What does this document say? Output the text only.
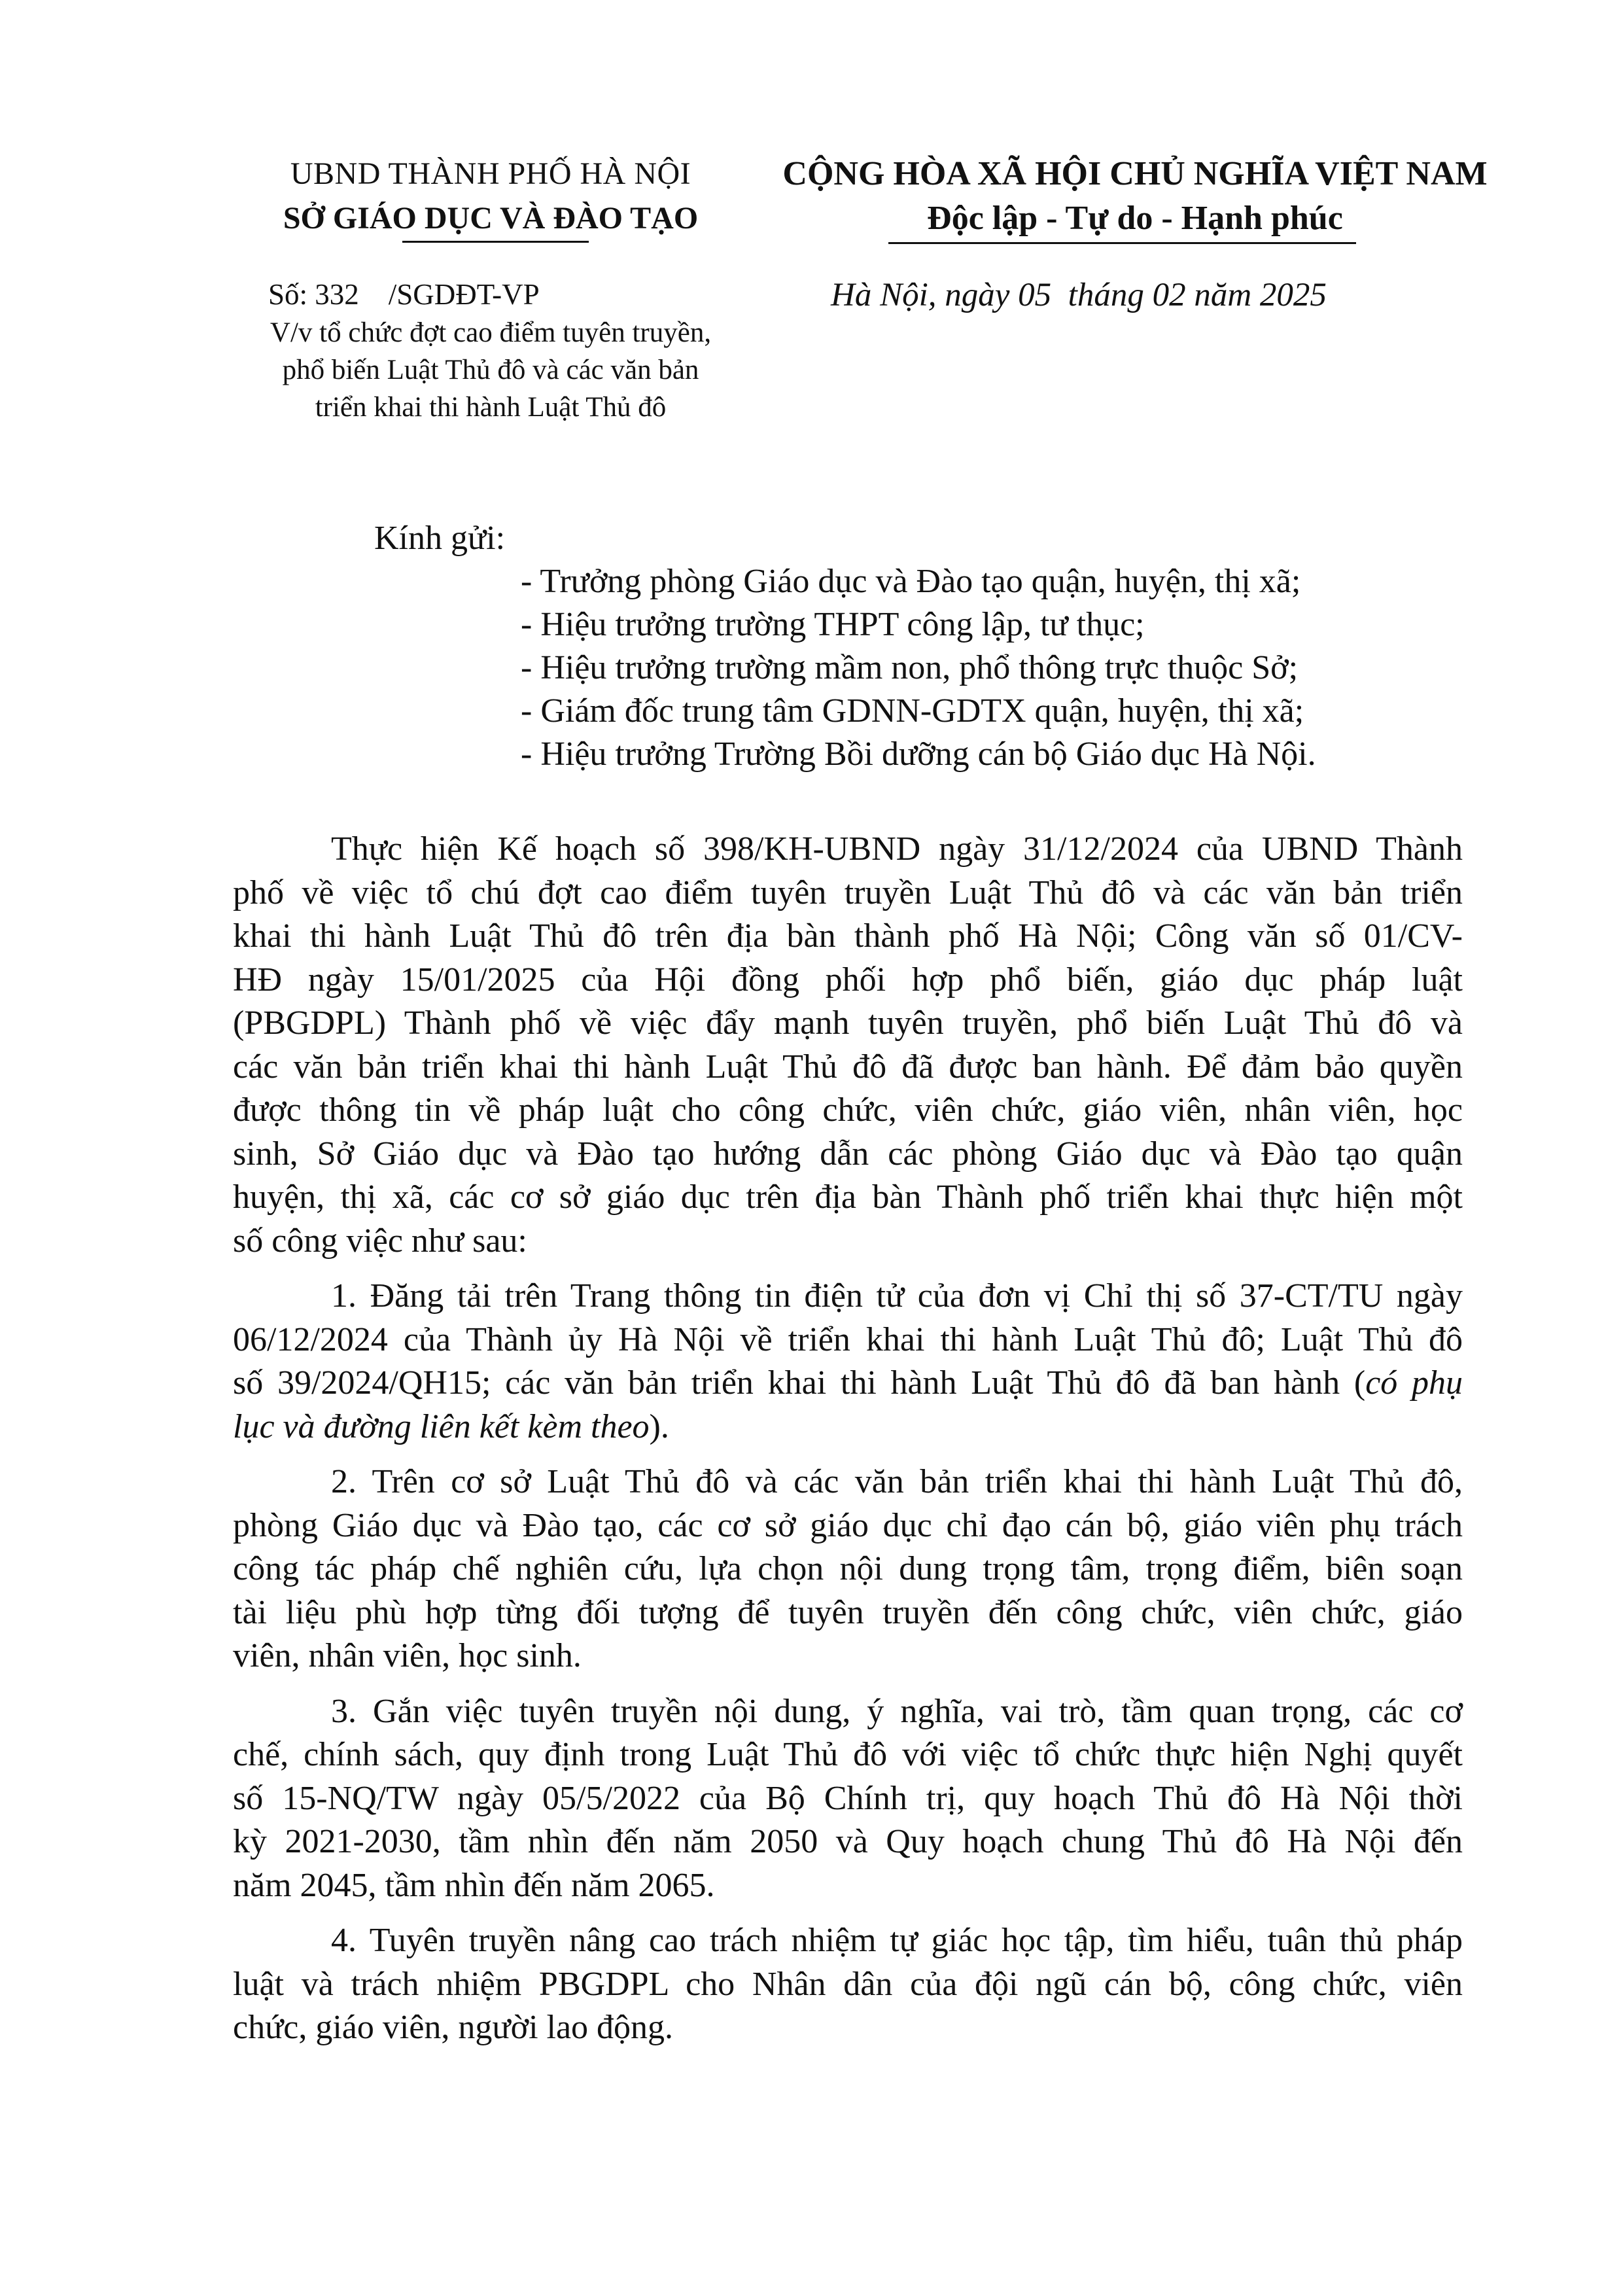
UBND THÀNH PHỐ HÀ NỘI
SỞ GIÁO DỤC VÀ ĐÀO TẠO
Số: 332    /SGDĐT-VP
V/v tổ chức đợt cao điểm tuyên truyền,
phổ biến Luật Thủ đô và các văn bản
triển khai thi hành Luật Thủ đô
CỘNG HÒA XÃ HỘI CHỦ NGHĨA VIỆT NAM
Độc lập - Tự do - Hạnh phúc
Hà Nội, ngày 05  tháng 02 năm 2025
Kính gửi:
- Trưởng phòng Giáo dục và Đào tạo quận, huyện, thị xã;
- Hiệu trưởng trường THPT công lập, tư thục;
- Hiệu trưởng trường mầm non, phổ thông trực thuộc Sở;
- Giám đốc trung tâm GDNN-GDTX quận, huyện, thị xã;
- Hiệu trưởng Trường Bồi dưỡng cán bộ Giáo dục Hà Nội.
Thực hiện Kế hoạch số 398/KH-UBND ngày 31/12/2024 của UBND Thành
phố về việc tổ chú đợt cao điểm tuyên truyền Luật Thủ đô và các văn bản triển
khai thi hành Luật Thủ đô trên địa bàn thành phố Hà Nội; Công văn số 01/CV-
HĐ ngày 15/01/2025 của Hội đồng phối hợp phổ biến, giáo dục pháp luật
(PBGDPL) Thành phố về việc đẩy mạnh tuyên truyền, phổ biến Luật Thủ đô và
các văn bản triển khai thi hành Luật Thủ đô đã được ban hành. Để đảm bảo quyền
được thông tin về pháp luật cho công chức, viên chức, giáo viên, nhân viên, học
sinh, Sở Giáo dục và Đào tạo hướng dẫn các phòng Giáo dục và Đào tạo quận
huyện, thị xã, các cơ sở giáo dục trên địa bàn Thành phố triển khai thực hiện một
số công việc như sau:
1. Đăng tải trên Trang thông tin điện tử của đơn vị Chỉ thị số 37-CT/TU ngày
06/12/2024 của Thành ủy Hà Nội về triển khai thi hành Luật Thủ đô; Luật Thủ đô
số 39/2024/QH15; các văn bản triển khai thi hành Luật Thủ đô đã ban hành (có phụ
lục và đường liên kết kèm theo).
2. Trên cơ sở Luật Thủ đô và các văn bản triển khai thi hành Luật Thủ đô,
phòng Giáo dục và Đào tạo, các cơ sở giáo dục chỉ đạo cán bộ, giáo viên phụ trách
công tác pháp chế nghiên cứu, lựa chọn nội dung trọng tâm, trọng điểm, biên soạn
tài liệu phù hợp từng đối tượng để tuyên truyền đến công chức, viên chức, giáo
viên, nhân viên, học sinh.
3. Gắn việc tuyên truyền nội dung, ý nghĩa, vai trò, tầm quan trọng, các cơ
chế, chính sách, quy định trong Luật Thủ đô với việc tổ chức thực hiện Nghị quyết
số 15-NQ/TW ngày 05/5/2022 của Bộ Chính trị, quy hoạch Thủ đô Hà Nội thời
kỳ 2021-2030, tầm nhìn đến năm 2050 và Quy hoạch chung Thủ đô Hà Nội đến
năm 2045, tầm nhìn đến năm 2065.
4. Tuyên truyền nâng cao trách nhiệm tự giác học tập, tìm hiểu, tuân thủ pháp
luật và trách nhiệm PBGDPL cho Nhân dân của đội ngũ cán bộ, công chức, viên
chức, giáo viên, người lao động.
